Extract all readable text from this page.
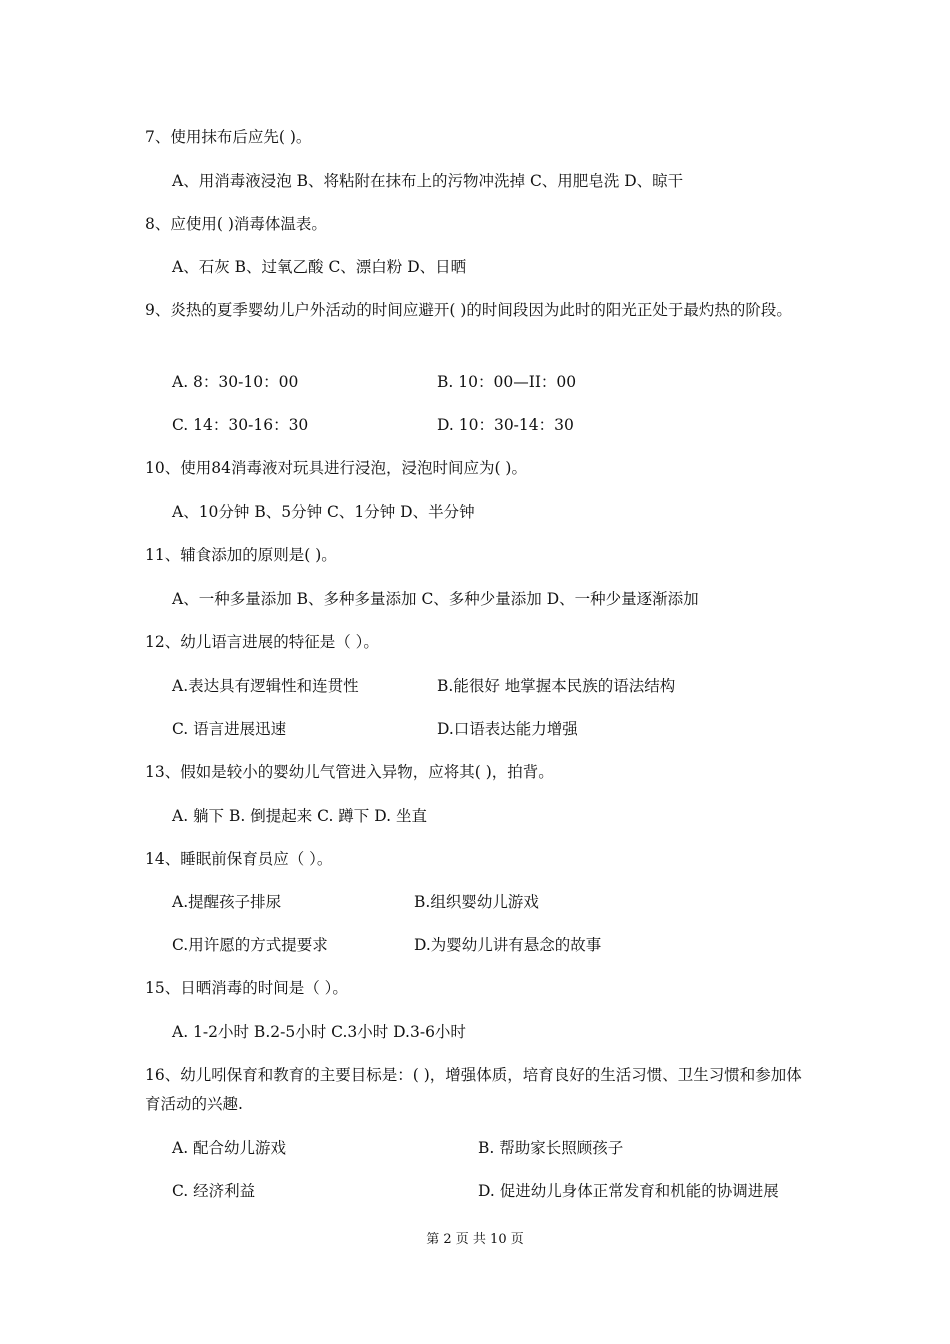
7、使用抹布后应先( )。
A、用消毒液浸泡 B、将粘附在抹布上的污物冲洗掉 C、用肥皂洗 D、晾干
8、应使用( )消毒体温表。
A、石灰 B、过氧乙酸 C、漂白粉 D、日晒
9、炎热的夏季婴幼儿户外活动的时间应避开( )的时间段因为此时的阳光正处于最灼热的阶段。
A. 8：30-10：00	B. 10：00—II：00
C. 14：30-16：30	D. 10：30-14：30
10、使用84消毒液对玩具进行浸泡，浸泡时间应为( )。
A、10分钟 B、5分钟 C、1分钟 D、半分钟
11、辅食添加的原则是( )。
A、一种多量添加 B、多种多量添加 C、多种少量添加 D、一种少量逐渐添加
12、幼儿语言进展的特征是（ ）。
A.表达具有逻辑性和连贯性	B.能很好 地掌握本民族的语法结构
C. 语言进展迅速	D.口语表达能力增强
13、假如是较小的婴幼儿气管进入异物，应将其( )，拍背。
A. 躺下 B. 倒提起来 C. 蹲下 D. 坐直
14、睡眠前保育员应（ ）。
A.提醒孩子排尿	B.组织婴幼儿游戏
C.用许愿的方式提要求	D.为婴幼儿讲有悬念的故事
15、日晒消毒的时间是（ ）。
A. 1-2小时 B.2-5小时 C.3小时 D.3-6小时
16、幼儿吲保育和教育的主要目标是：( )，增强体质，培育良好的生活习惯、卫生习惯和参加体育活动的兴趣.
A. 配合幼儿游戏	B. 帮助家长照顾孩子
C. 经济利益	D. 促进幼儿身体正常发育和机能的协调进展
第 2 页 共 10 页
